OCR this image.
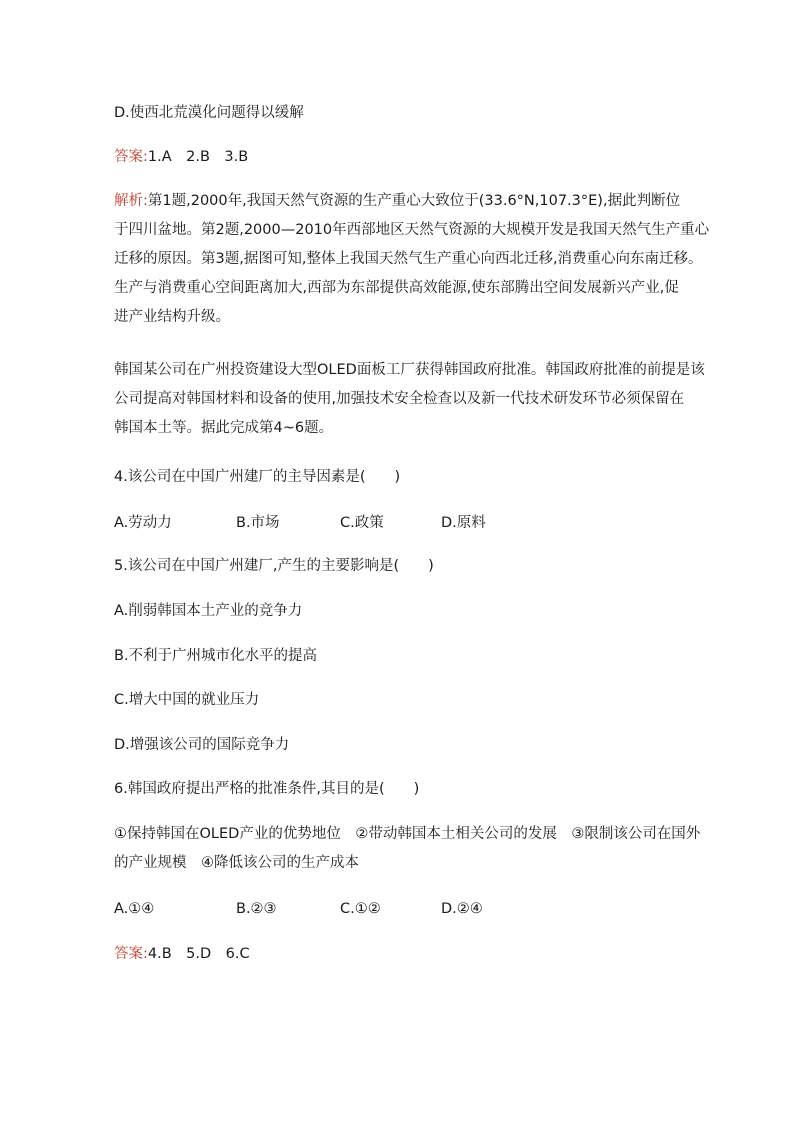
D.使西北荒漠化问题得以缓解
答案:1.A　2.B　3.B
解析:第1题,2000年,我国天然气资源的生产重心大致位于(33.6°N,107.3°E),据此判断位
于四川盆地。第2题,2000—2010年西部地区天然气资源的大规模开发是我国天然气生产重心
迁移的原因。第3题,据图可知,整体上我国天然气生产重心向西北迁移,消费重心向东南迁移。
生产与消费重心空间距离加大,西部为东部提供高效能源,使东部腾出空间发展新兴产业,促
进产业结构升级。
韩国某公司在广州投资建设大型OLED面板工厂获得韩国政府批准。韩国政府批准的前提是该
公司提高对韩国材料和设备的使用,加强技术安全检查以及新一代技术研发环节必须保留在
韩国本土等。据此完成第4~6题。
4.该公司在中国广州建厂的主导因素是(　　)
A.劳动力	B.市场	C.政策	D.原料
5.该公司在中国广州建厂,产生的主要影响是(　　)
A.削弱韩国本土产业的竞争力
B.不利于广州城市化水平的提高
C.增大中国的就业压力
D.增强该公司的国际竞争力
6.韩国政府提出严格的批准条件,其目的是(　　)
①保持韩国在OLED产业的优势地位　②带动韩国本土相关公司的发展　③限制该公司在国外
的产业规模　④降低该公司的生产成本
A.①④	B.②③	C.①②	D.②④
答案:4.B　5.D　6.C
